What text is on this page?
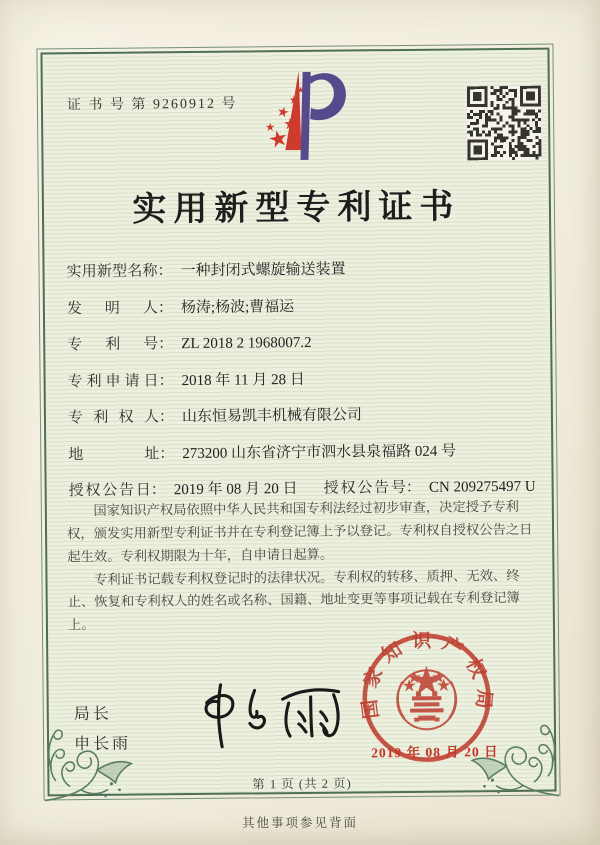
证 书 号 第 9260912 号
实用新型专利证书
实用新型名称 ： 一种封闭式螺旋输送装置
发明人 ： 杨涛;杨波;曹福运
专利号 ： ZL 2018 2 1968007.2
专利申请日 ： 2018 年 11 月 28 日
专利权人 ： 山东恒易凯丰机械有限公司
地址 ： 273200 山东省济宁市泗水县泉福路 024 号
授权公告日 ： 2019 年 08 月 20 日	授权公告号 ： CN 209275497 U

国家知识产权局依照中华人民共和国专利法经过初步审查，决定授予专利权，颁发实用新型专利证书并在专利登记簿上予以登记。专利权自授权公告之日起生效。专利权期限为十年，自申请日起算。

专利证书记载专利权登记时的法律状况。专利权的转移、质押、无效、终止、恢复和专利权人的姓名或名称、国籍、地址变更等事项记载在专利登记簿上。

局长
申长雨
国家知识产权局
2019 年 08 月 20 日
第 1 页 (共 2 页)
其他事项参见背面
